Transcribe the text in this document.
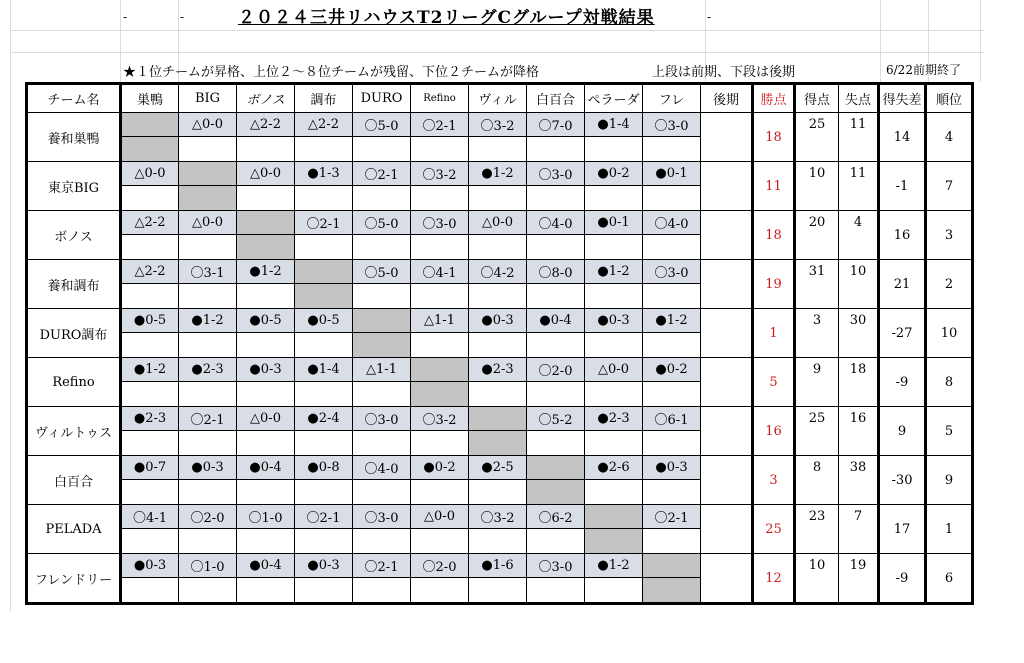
-	-	-
２０２４三井リハウスT2リーグCグループ対戦結果
★１位チームが昇格、上位２～８位チームが残留、下位２チームが降格	上段は前期、下段は後期	6/22前期終了
チーム名	巣鴨	BIG	ボノス	調布	DURO	Refino	ヴィル	白百合	ペラーダ	フレ	後期	勝点	得点	失点	得失差	順位
養和巣鴨		△0-0	△2-2	△2-2	〇5-0	〇2-1	〇3-2	〇7-0	●1-4	〇3-0		18	25	11	14	4

東京BIG	△0-0		△0-0	●1-3	〇2-1	〇3-2	●1-2	〇3-0	●0-2	●0-1		11	10	11	-1	7

ボノス	△2-2	△0-0		〇2-1	〇5-0	〇3-0	△0-0	〇4-0	●0-1	〇4-0		18	20	4	16	3

養和調布	△2-2	〇3-1	●1-2		〇5-0	〇4-1	〇4-2	〇8-0	●1-2	〇3-0		19	31	10	21	2

DURO調布	●0-5	●1-2	●0-5	●0-5		△1-1	●0-3	●0-4	●0-3	●1-2		1	3	30	-27	10

Refino	●1-2	●2-3	●0-3	●1-4	△1-1		●2-3	〇2-0	△0-0	●0-2		5	9	18	-9	8

ヴィルトゥス	●2-3	〇2-1	△0-0	●2-4	〇3-0	〇3-2		〇5-2	●2-3	〇6-1		16	25	16	9	5

白百合	●0-7	●0-3	●0-4	●0-8	〇4-0	●0-2	●2-5		●2-6	●0-3		3	8	38	-30	9

PELADA	〇4-1	〇2-0	〇1-0	〇2-1	〇3-0	△0-0	〇3-2	〇6-2		〇2-1		25	23	7	17	1

フレンドリー	●0-3	〇1-0	●0-4	●0-3	〇2-1	〇2-0	●1-6	〇3-0	●1-2			12	10	19	-9	6
